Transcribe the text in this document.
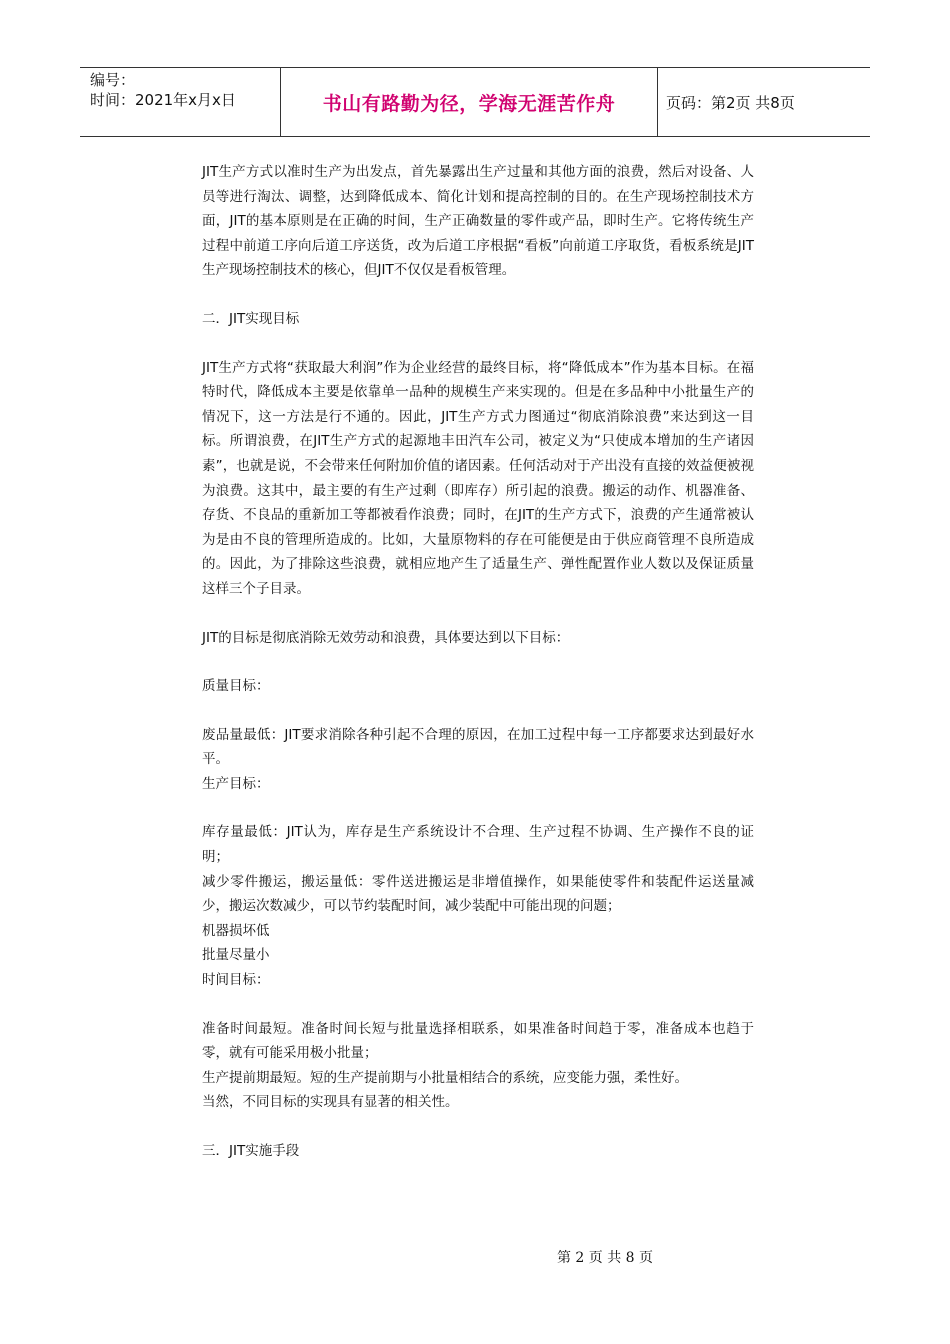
编号：
时间：2021年x月x日	书山有路勤为径，学海无涯苦作舟	页码：第2页 共8页

JIT生产方式以准时生产为出发点，首先暴露出生产过量和其他方面的浪费，然后对设备、人员等进行淘汰、调整，达到降低成本、简化计划和提高控制的目的。在生产现场控制技术方面，JIT的基本原则是在正确的时间，生产正确数量的零件或产品，即时生产。它将传统生产过程中前道工序向后道工序送货，改为后道工序根据“看板”向前道工序取货，看板系统是JIT生产现场控制技术的核心，但JIT不仅仅是看板管理。

二．JIT实现目标

JIT生产方式将“获取最大利润”作为企业经营的最终目标，将“降低成本”作为基本目标。在福特时代，降低成本主要是依靠单一品种的规模生产来实现的。但是在多品种中小批量生产的情况下，这一方法是行不通的。因此，JIT生产方式力图通过“彻底消除浪费”来达到这一目标。所谓浪费，在JIT生产方式的起源地丰田汽车公司，被定义为“只使成本增加的生产诸因素”，也就是说，不会带来任何附加价值的诸因素。任何活动对于产出没有直接的效益便被视为浪费。这其中，最主要的有生产过剩（即库存）所引起的浪费。搬运的动作、机器准备、存货、不良品的重新加工等都被看作浪费；同时，在JIT的生产方式下，浪费的产生通常被认为是由不良的管理所造成的。比如，大量原物料的存在可能便是由于供应商管理不良所造成的。因此，为了排除这些浪费，就相应地产生了适量生产、弹性配置作业人数以及保证质量这样三个子目录。

JIT的目标是彻底消除无效劳动和浪费，具体要达到以下目标：

质量目标：

废品量最低：JIT要求消除各种引起不合理的原因，在加工过程中每一工序都要求达到最好水平。

生产目标：

库存量最低：JIT认为，库存是生产系统设计不合理、生产过程不协调、生产操作不良的证明；

减少零件搬运，搬运量低：零件送进搬运是非增值操作，如果能使零件和装配件运送量减少，搬运次数减少，可以节约装配时间，减少装配中可能出现的问题；

机器损坏低
批量尽量小
时间目标：

准备时间最短。准备时间长短与批量选择相联系，如果准备时间趋于零，准备成本也趋于零，就有可能采用极小批量；

生产提前期最短。短的生产提前期与小批量相结合的系统，应变能力强，柔性好。

当然，不同目标的实现具有显著的相关性。
三．JIT实施手段
第 2 页 共 8 页
